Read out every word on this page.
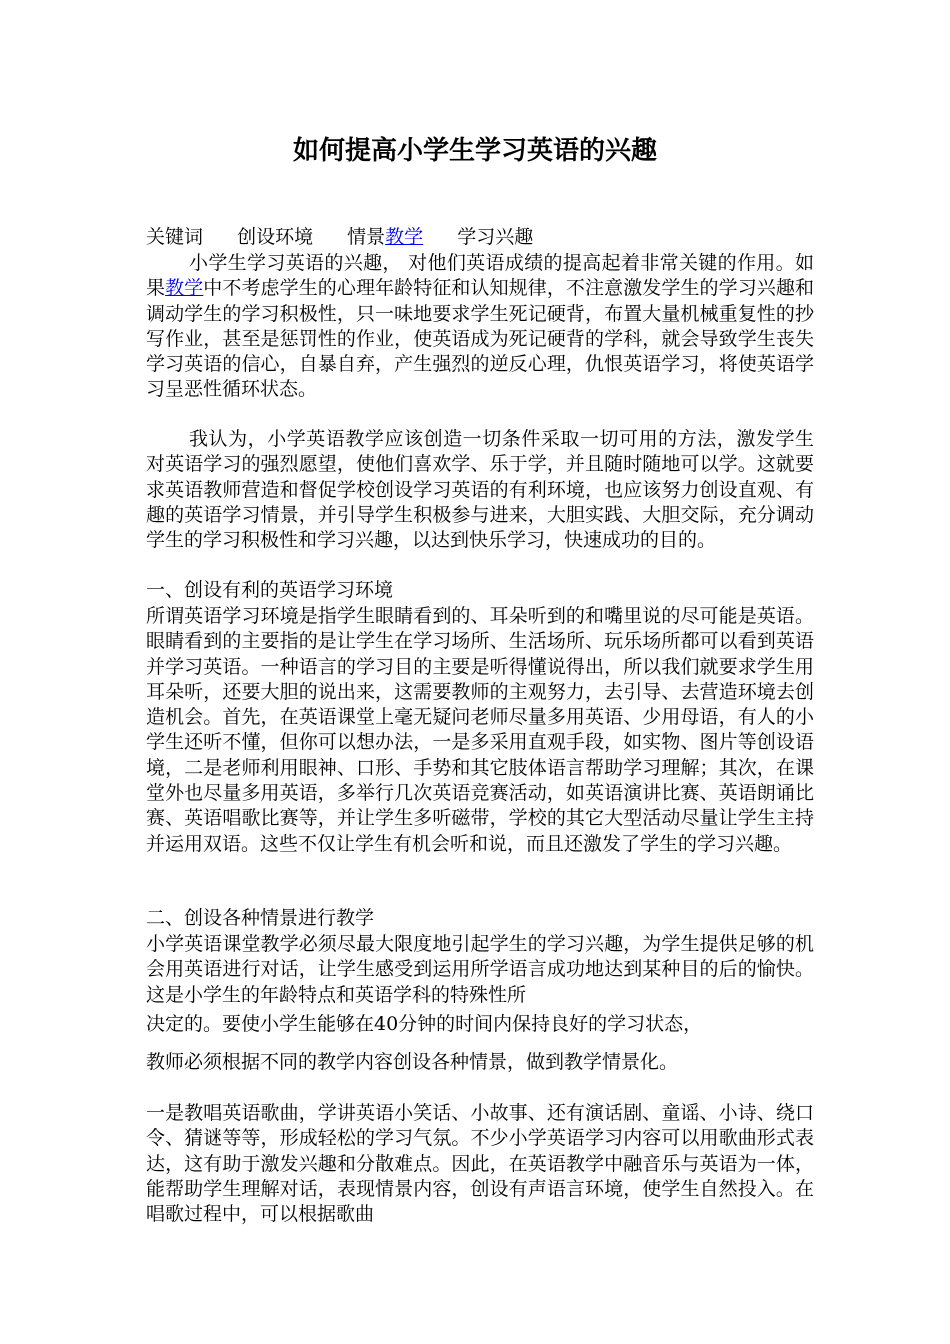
如何提高小学生学习英语的兴趣
关键词 创设环境 情景教学 学习兴趣
小学生学习英语的兴趣， 对他们英语成绩的提高起着非常关键的作用。如果教学中不考虑学生的心理年龄特征和认知规律，不注意激发学生的学习兴趣和调动学生的学习积极性，只一味地要求学生死记硬背，布置大量机械重复性的抄写作业，甚至是惩罚性的作业，使英语成为死记硬背的学科，就会导致学生丧失学习英语的信心，自暴自弃，产生强烈的逆反心理，仇恨英语学习，将使英语学习呈恶性循环状态。
我认为，小学英语教学应该创造一切条件采取一切可用的方法，激发学生对英语学习的强烈愿望，使他们喜欢学、乐于学，并且随时随地可以学。这就要求英语教师营造和督促学校创设学习英语的有利环境，也应该努力创设直观、有趣的英语学习情景，并引导学生积极参与进来，大胆实践、大胆交际，充分调动学生的学习积极性和学习兴趣，以达到快乐学习，快速成功的目的。
一、创设有利的英语学习环境
所谓英语学习环境是指学生眼睛看到的、耳朵听到的和嘴里说的尽可能是英语。眼睛看到的主要指的是让学生在学习场所、生活场所、玩乐场所都可以看到英语并学习英语。一种语言的学习目的主要是听得懂说得出，所以我们就要求学生用耳朵听，还要大胆的说出来，这需要教师的主观努力，去引导、去营造环境去创造机会。首先，在英语课堂上毫无疑问老师尽量多用英语、少用母语，有人的小学生还听不懂，但你可以想办法，一是多采用直观手段，如实物、图片等创设语境，二是老师利用眼神、口形、手势和其它肢体语言帮助学习理解；其次，在课堂外也尽量多用英语，多举行几次英语竞赛活动，如英语演讲比赛、英语朗诵比赛、英语唱歌比赛等，并让学生多听磁带，学校的其它大型活动尽量让学生主持并运用双语。这些不仅让学生有机会听和说，而且还激发了学生的学习兴趣。
二、创设各种情景进行教学
小学英语课堂教学必须尽最大限度地引起学生的学习兴趣，为学生提供足够的机会用英语进行对话，让学生感受到运用所学语言成功地达到某种目的后的愉快。这是小学生的年龄特点和英语学科的特殊性所
决定的。要使小学生能够在40分钟的时间内保持良好的学习状态，
教师必须根据不同的教学内容创设各种情景，做到教学情景化。
一是教唱英语歌曲，学讲英语小笑话、小故事、还有演话剧、童谣、小诗、绕口令、猜谜等等，形成轻松的学习气氛。不少小学英语学习内容可以用歌曲形式表达，这有助于激发兴趣和分散难点。因此，在英语教学中融音乐与英语为一体，能帮助学生理解对话，表现情景内容，创设有声语言环境，使学生自然投入。在唱歌过程中，可以根据歌曲
